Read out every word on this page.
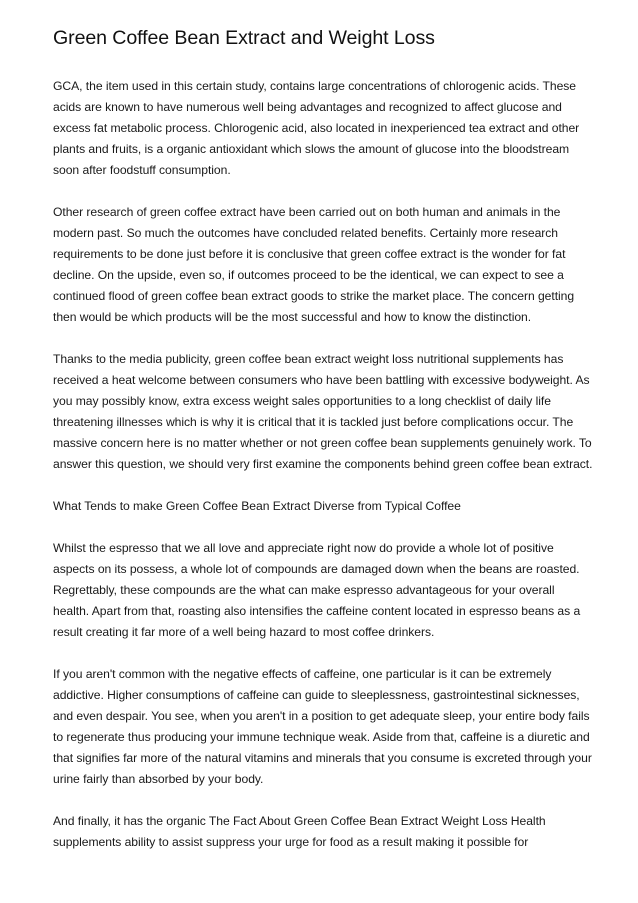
Green Coffee Bean Extract and Weight Loss

GCA, the item used in this certain study, contains large concentrations of chlorogenic acids. These acids are known to have numerous well being advantages and recognized to affect glucose and excess fat metabolic process. Chlorogenic acid, also located in inexperienced tea extract and other plants and fruits, is a organic antioxidant which slows the amount of glucose into the bloodstream soon after foodstuff consumption.

Other research of green coffee extract have been carried out on both human and animals in the modern past. So much the outcomes have concluded related benefits. Certainly more research requirements to be done just before it is conclusive that green coffee extract is the wonder for fat decline. On the upside, even so, if outcomes proceed to be the identical, we can expect to see a continued flood of green coffee bean extract goods to strike the market place. The concern getting then would be which products will be the most successful and how to know the distinction.

Thanks to the media publicity, green coffee bean extract weight loss nutritional supplements has received a heat welcome between consumers who have been battling with excessive bodyweight. As you may possibly know, extra excess weight sales opportunities to a long checklist of daily life threatening illnesses which is why it is critical that it is tackled just before complications occur. The massive concern here is no matter whether or not green coffee bean supplements genuinely work. To answer this question, we should very first examine the components behind green coffee bean extract.

What Tends to make Green Coffee Bean Extract Diverse from Typical Coffee

Whilst the espresso that we all love and appreciate right now do provide a whole lot of positive aspects on its possess, a whole lot of compounds are damaged down when the beans are roasted. Regrettably, these compounds are the what can make espresso advantageous for your overall health. Apart from that, roasting also intensifies the caffeine content located in espresso beans as a result creating it far more of a well being hazard to most coffee drinkers.

If you aren't common with the negative effects of caffeine, one particular is it can be extremely addictive. Higher consumptions of caffeine can guide to sleeplessness, gastrointestinal sicknesses, and even despair. You see, when you aren't in a position to get adequate sleep, your entire body fails to regenerate thus producing your immune technique weak. Aside from that, caffeine is a diuretic and that signifies far more of the natural vitamins and minerals that you consume is excreted through your urine fairly than absorbed by your body.

And finally, it has the organic The Fact About Green Coffee Bean Extract Weight Loss Health supplements ability to assist suppress your urge for food as a result making it possible for
